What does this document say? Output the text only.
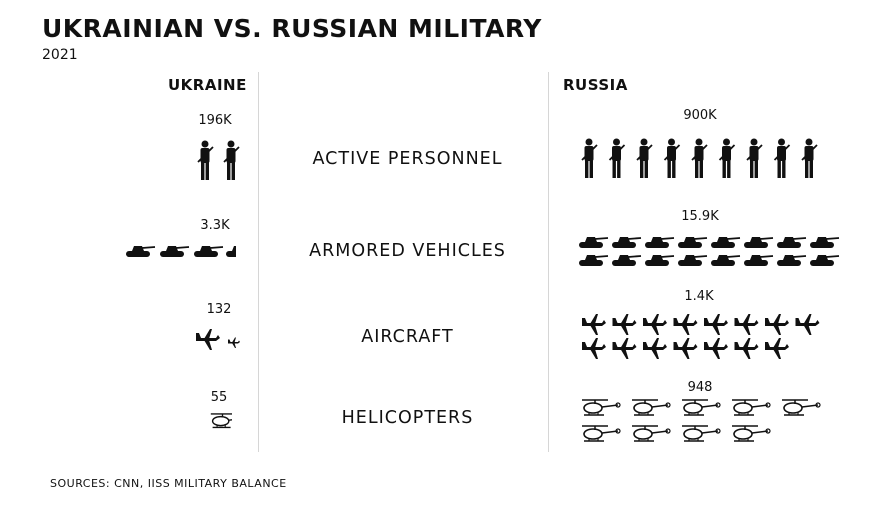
UKRAINIAN VS. RUSSIAN MILITARY
2021
UKRAINE	RUSSIA
196K
3.3K
132
55
900K
15.9K
1.4K
948
ACTIVE PERSONNEL
ARMORED VEHICLES
AIRCRAFT
HELICOPTERS
SOURCES: CNN, IISS MILITARY BALANCE
